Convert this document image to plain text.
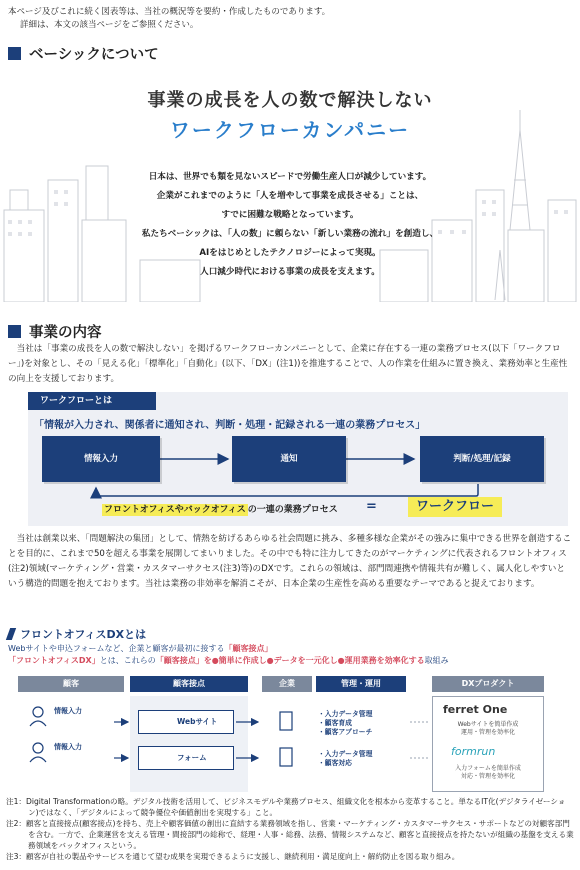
本ページ及びこれに続く図表等は、当社の概況等を要約・作成したものであります。
詳細は、本文の該当ページをご参照ください。
ベーシックについて
事業の成長を人の数で解決しない
ワークフローカンパニー
日本は、世界でも類を見ないスピードで労働生産人口が減少しています。
企業がこれまでのように「人を増やして事業を成長させる」ことは、
すでに困難な戦略となっています。
私たちベーシックは、「人の数」に頼らない「新しい業務の流れ」を創造し、
AIをはじめとしたテクノロジーによって実現。
人口減少時代における事業の成長を支えます。
事業の内容
当社は「事業の成長を人の数で解決しない」を掲げるワークフローカンパニーとして、企業に存在する一連の業務プロセス(以下「ワークフロー」)を対象とし、その「見える化」「標準化」「自動化」(以下、「DX」(注1))を推進することで、人の作業を仕組みに置き換え、業務効率と生産性の向上を支援しております。
ワークフローとは
「情報が入力され、関係者に通知され、判断・処理・記録される一連の業務プロセス」
情報入力	通知	判断/処理/記録
フロントオフィスやバックオフィス の一連の業務プロセス =	ワークフロー
当社は創業以来、「問題解決の集団」として、情熱を紡げるあらゆる社会問題に挑み、多種多様な企業がその強みに集中できる世界を創造することを目的に、これまで50を超える事業を展開してまいりました。その中でも特に注力してきたのがマーケティングに代表されるフロントオフィス(注2)領域(マーケティング・営業・カスタマーサクセス(注3)等)のDXです。これらの領域は、部門間連携や情報共有が難しく、属人化しやすいという構造的問題を抱えております。当社は業務の非効率を解消こそが、日本企業の生産性を高める重要なテーマであると捉えております。
フロントオフィスDXとは
Webサイトや申込フォームなど、企業と顧客が最初に接する「顧客接点」
「フロントオフィスDX」とは、これらの「顧客接点」を●簡単に作成し●データを一元化し●運用業務を効率化する取組み
顧客	顧客接点	企業	管理・運用	DXプロダクト
情報入力
情報入力
Webサイト
フォーム
・入力データ管理
・顧客育成
・顧客アプローチ
・入力データ管理
・顧客対応
ferret One
Webサイトを簡単作成
運用・管理を効率化
formrun
入力フォームを簡単作成
対応・管理を効率化

注1：Digital Transformationの略。デジタル技術を活用して、ビジネスモデルや業務プロセス、組織文化を根本から変革すること。単なるIT化(デジタライゼーション)ではなく、「デジタルによって競争優位や価値創出を実現する」こと。

注2：顧客と直接接点(顧客接点)を持ち、売上や顧客価値の創出に直結する業務領域を指し、営業・マーケティング・カスタマーサクセス・サポートなどの対顧客部門を含む。一方で、企業運営を支える管理・間接部門の総称で、経理・人事・総務、法務、情報システムなど、顧客と直接接点を持たないが組織の基盤を支える業務領域をバックオフィスという。

注3：顧客が自社の製品やサービスを通じて望む成果を実現できるように支援し、継続利用・満足度向上・解約防止を図る取り組み。
